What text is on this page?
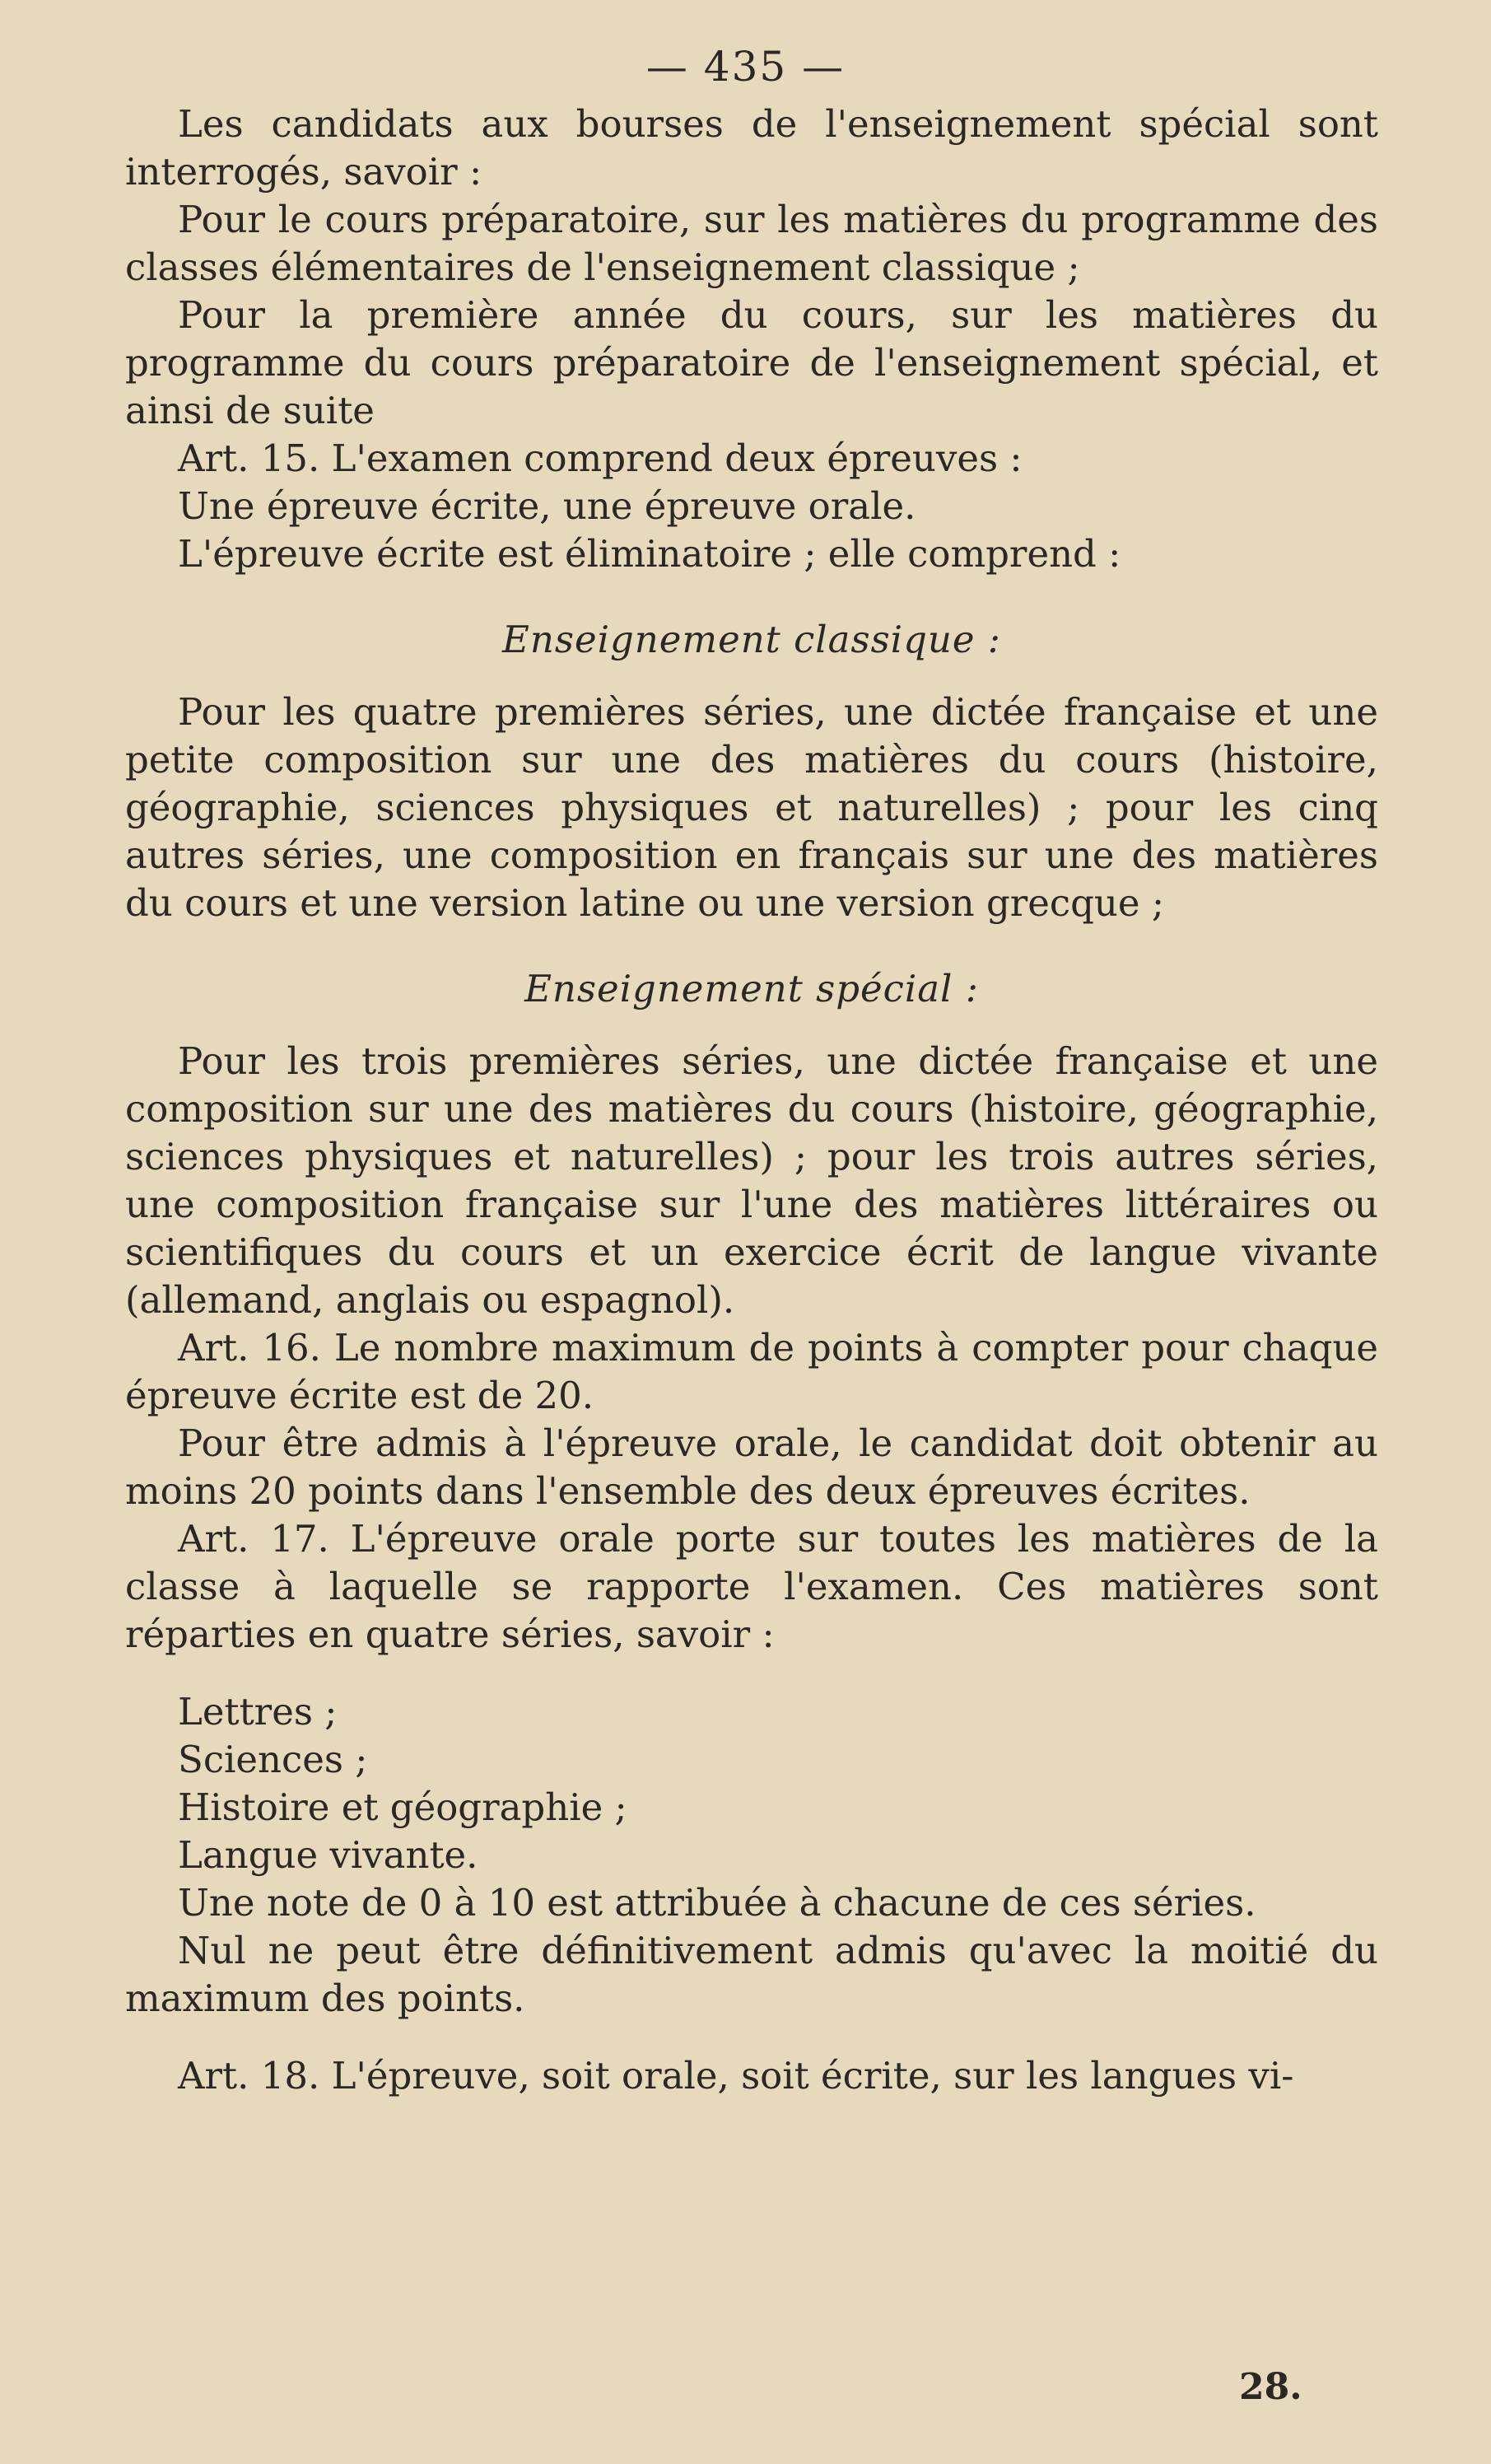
— 435 —

Les candidats aux bourses de l'enseignement spécial sont interrogés, savoir :

Pour le cours préparatoire, sur les matières du programme des classes élémentaires de l'enseignement classique ;

Pour la première année du cours, sur les matières du programme du cours préparatoire de l'enseignement spécial, et ainsi de suite

Art. 15. L'examen comprend deux épreuves :

Une épreuve écrite, une épreuve orale.

L'épreuve écrite est éliminatoire ; elle comprend :

Enseignement classique :

Pour les quatre premières séries, une dictée française et une petite composition sur une des matières du cours (histoire, géographie, sciences physiques et naturelles) ; pour les cinq autres séries, une composition en français sur une des matières du cours et une version latine ou une version grecque ;

Enseignement spécial :

Pour les trois premières séries, une dictée française et une composition sur une des matières du cours (histoire, géographie, sciences physiques et naturelles) ; pour les trois autres séries, une composition française sur l'une des matières littéraires ou scientifiques du cours et un exercice écrit de langue vivante (allemand, anglais ou espagnol).

Art. 16. Le nombre maximum de points à compter pour chaque épreuve écrite est de 20.

Pour être admis à l'épreuve orale, le candidat doit obtenir au moins 20 points dans l'ensemble des deux épreuves écrites.

Art. 17. L'épreuve orale porte sur toutes les matières de la classe à laquelle se rapporte l'examen. Ces matières sont réparties en quatre séries, savoir :

Lettres ;

Sciences ;

Histoire et géographie ;

Langue vivante.

Une note de 0 à 10 est attribuée à chacune de ces séries.

Nul ne peut être définitivement admis qu'avec la moitié du maximum des points.

Art. 18. L'épreuve, soit orale, soit écrite, sur les langues vi-

28.
